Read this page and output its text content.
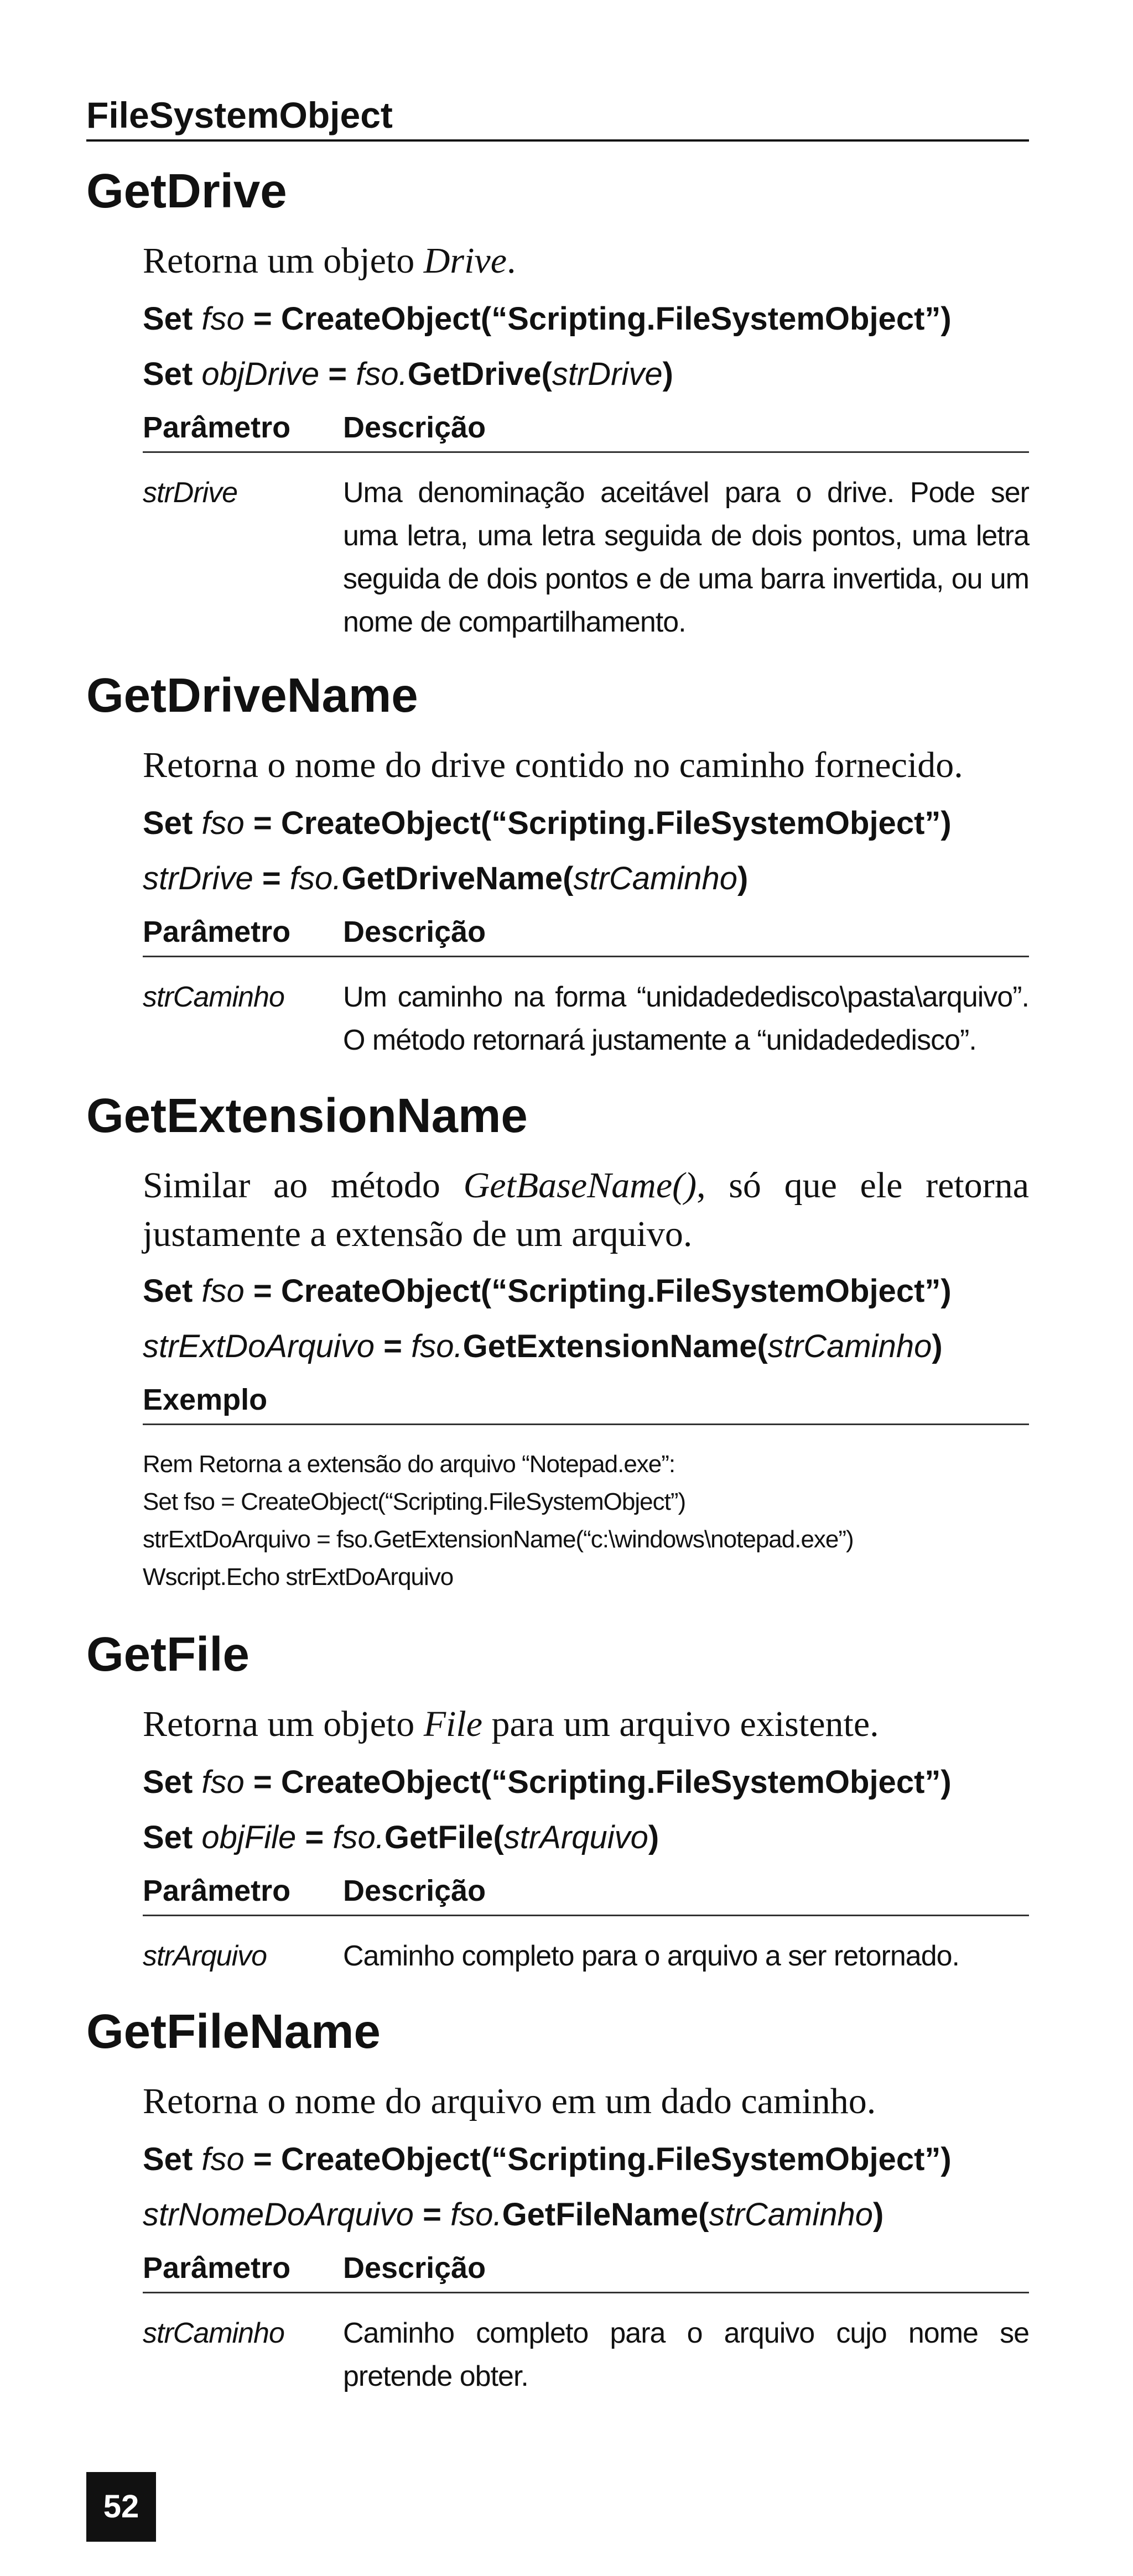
FileSystemObject
GetDrive
Retorna um objeto Drive.
Set fso = CreateObject(“Scripting.FileSystemObject”)
Set objDrive = fso.GetDrive(strDrive)
Parâmetro Descrição
strDrive	Uma denominação aceitável para o drive. Pode ser uma letra, uma letra seguida de dois pontos, uma letra seguida de dois pontos e de uma barra invertida, ou um nome de compartilhamento.
GetDriveName
Retorna o nome do drive contido no caminho fornecido.
Set fso = CreateObject(“Scripting.FileSystemObject”)
strDrive = fso.GetDriveName(strCaminho)
Parâmetro Descrição
strCaminho Um caminho na forma “unidadededisco\pasta\arquivo”. O método retornará justamente a “unidadededisco”.
GetExtensionName
Similar ao método GetBaseName(), só que ele retorna justamente a extensão de um arquivo.
Set fso = CreateObject(“Scripting.FileSystemObject”)
strExtDoArquivo = fso.GetExtensionName(strCaminho)
Exemplo
Rem Retorna a extensão do arquivo “Notepad.exe”:
Set fso = CreateObject(“Scripting.FileSystemObject”)
strExtDoArquivo = fso.GetExtensionName(“c:\windows\notepad.exe”)
Wscript.Echo strExtDoArquivo
GetFile
Retorna um objeto File para um arquivo existente.
Set fso = CreateObject(“Scripting.FileSystemObject”)
Set objFile = fso.GetFile(strArquivo)
Parâmetro Descrição
strArquivo	Caminho completo para o arquivo a ser retornado.
GetFileName
Retorna o nome do arquivo em um dado caminho.
Set fso = CreateObject(“Scripting.FileSystemObject”)
strNomeDoArquivo = fso.GetFileName(strCaminho)
Parâmetro Descrição
strCaminho Caminho completo para o arquivo cujo nome se pretende obter.
52
